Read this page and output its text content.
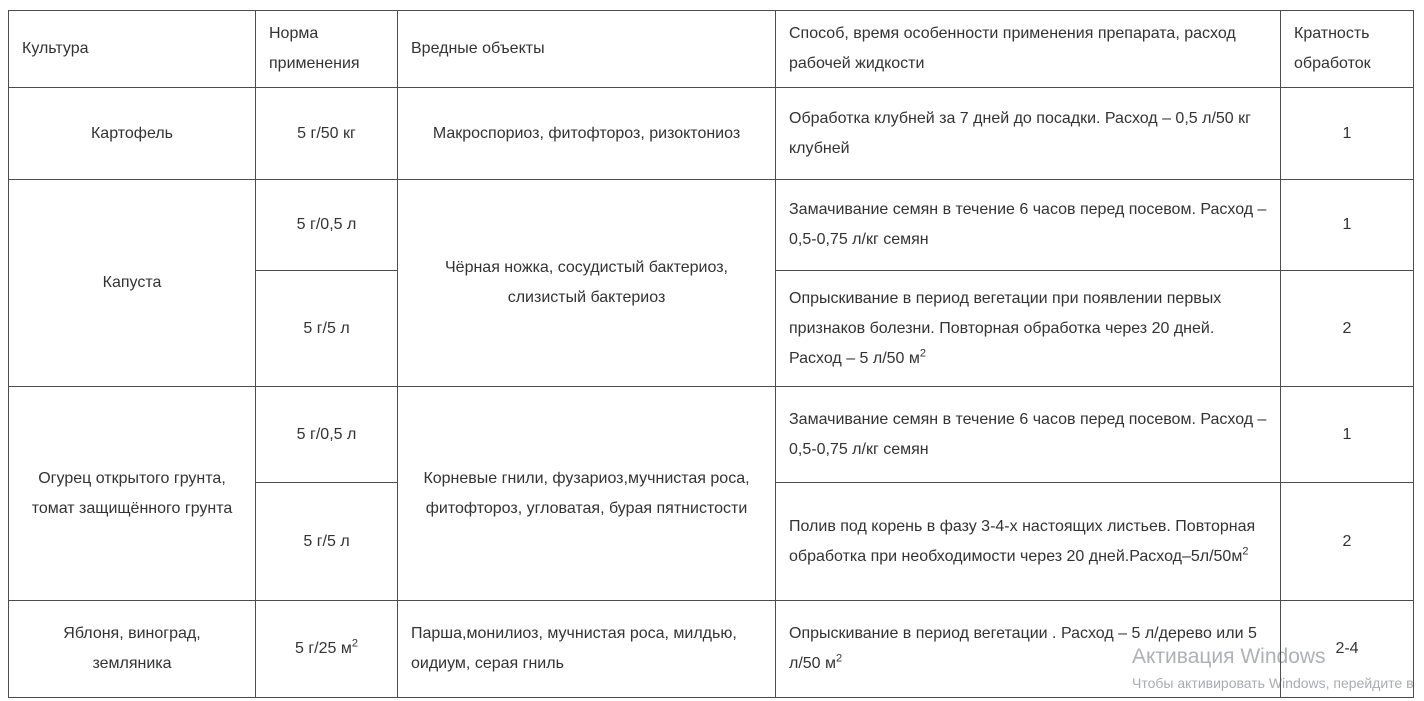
Активация Windows
Чтобы активировать Windows, перейдите в
Культура	Норма применения	Вредные объекты	Способ, время особенности применения препарата, расход рабочей жидкости	Кратность обработок
Картофель	5 г/50 кг	Макроспориоз, фитофтороз, ризоктониоз	Обработка клубней за 7 дней до посадки. Расход – 0,5 л/50 кг клубней	1
Капуста	5 г/0,5 л	Чёрная ножка, сосудистый бактериоз, слизистый бактериоз	Замачивание семян в течение 6 часов перед посевом. Расход – 0,5-0,75 л/кг семян	1
	5 г/5 л		Опрыскивание в период вегетации при появлении первых признаков болезни. Повторная обработка через 20 дней. Расход – 5 л/50 $м^2$	2
Огурец открытого грунта, томат защищённого грунта	5 г/0,5 л	Корневые гнили, фузариоз,мучнистая роса, фитофтороз, угловатая, бурая пятнистости	Замачивание семян в течение 6 часов перед посевом. Расход – 0,5-0,75 л/кг семян	1
	5 г/5 л		Полив под корень в фазу 3-4-х настоящих листьев. Повторная обработка при необходимости через 20 $дней.Расход-5л/50м^2$	2
Яблоня, виноград, земляника	5 г/25 $м^2$	Парша,монилиоз, мучнистая роса, милдью, оидиум, серая гниль	Опрыскивание в период вегетации . Расход – 5 л/дерево или 5 л/50 $м^2$	2-4
